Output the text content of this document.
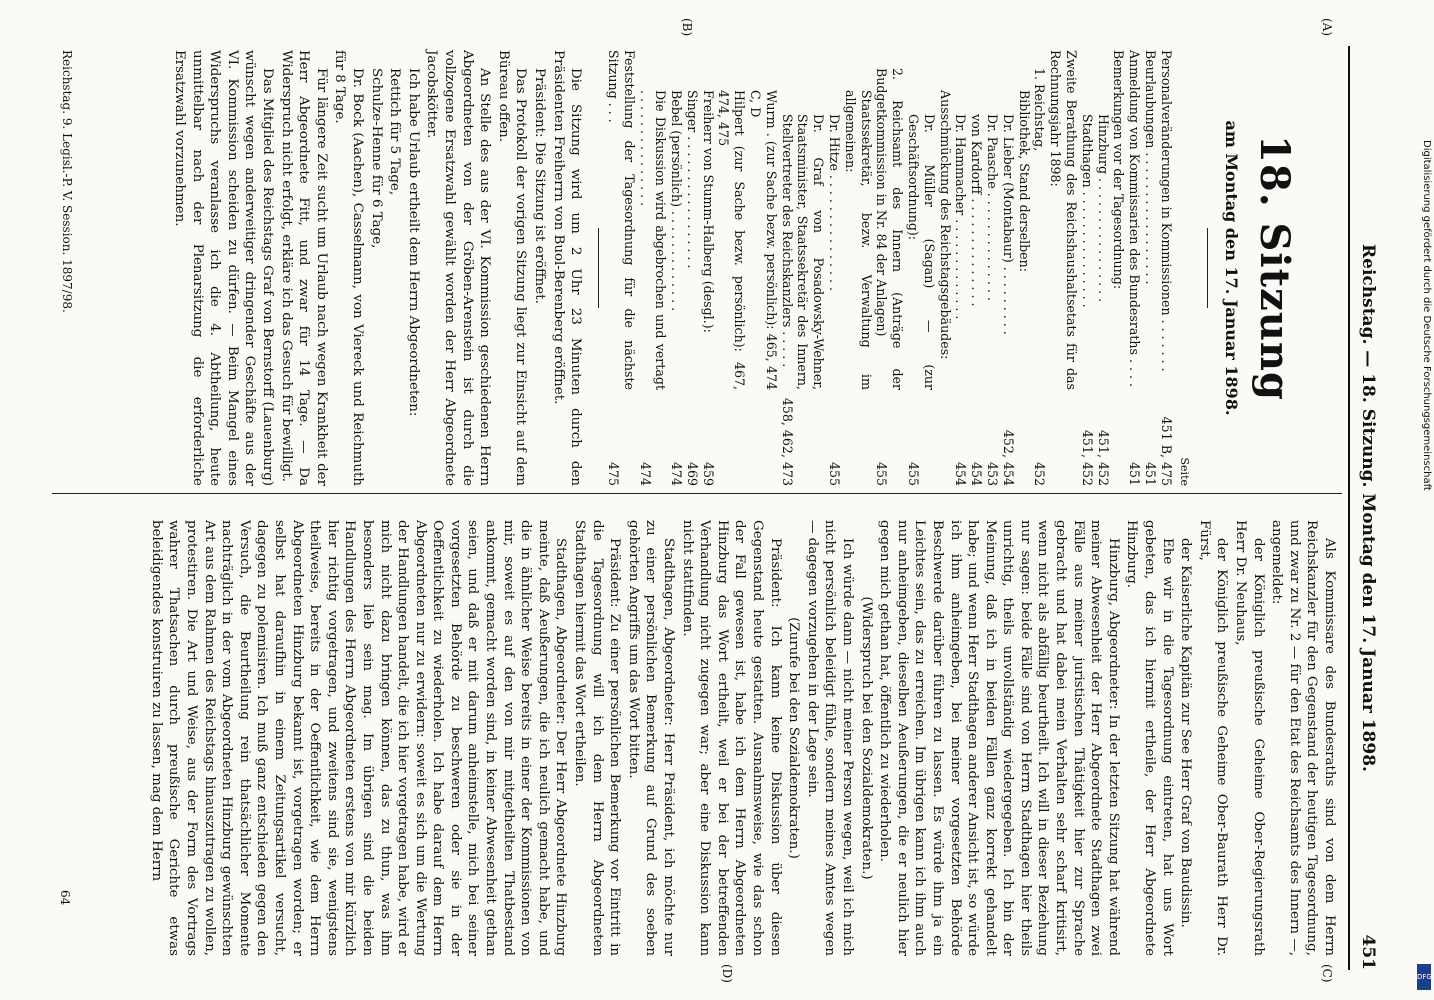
Reichstag. — 18. Sitzung. Montag den 17. Januar 1898.
451
(A)
(B)
(C)
(D)
18. Sitzung
am Montag den 17. Januar 1898.
Seite
Personalveränderungen in Kommissionen . . . . . . .	451 B, 475
Beurlaubungen . . . . . . . . . . . . . . . . .	451
Anmeldung von Kommissarien des Bundesraths . . . .	451
Bemerkungen vor der Tagesordnung:	
Hinzburg . . . . . . . . . . . . . . . .	451, 452
Stadthagen . . . . . . . . . . . . . . .	451, 452
Zweite Berathung des Reichshaushaltsetats für das Rechnungsjahr 1898:	
1. Reichstag,	452
Bibliothek, Stand derselben:	
Dr. Lieber (Montabaur) . . . . . . . . .	452, 454
Dr. Paasche . . . . . . . . . . . . . .	453
von Kardorff . . . . . . . . . . . . . .	454
Dr. Hammacher . . . . . . . . . . . . .	454
Ausschmückung des Reichstagsgebäudes:	
Dr. Müller (Sagan) — (zur Geschäftsordnung):	455
2. Reichsamt des Innern (Anträge der Budgetkommission in Nr. 84 der Anlagen)	455
Staatssekretär, bezw. Verwaltung im allgemeinen:	
Dr. Hitze . . . . . . . . . . . . . . .	455
Dr. Graf von Posadowsky-Wehner, Staatsminister, Staatssekretär des Innern, Stellvertreter des Reichskanzlers . . . . .	458, 462, 473
Wurm . (zur Sache bezw. persönlich): 465, 474 C, D	
Hilpert (zur Sache bezw. persönlich): 467, 474, 475	
Freiherr von Stumm-Halberg (desgl.):	459
Singer . . . . . . . . . . . . . . . . .	469
Bebel (persönlich) . . . . . . . . . . . . .	474
Die Diskussion wird abgebrochen und vertagt . . . . . . . . . . . . . . .	474
Feststellung der Tagesordnung für die nächste Sitzung . . .	475

Die Sitzung wird um 2 Uhr 23 Minuten durch den Präsidenten Freiherrn von Buol-Berenberg eröffnet.

Präsident: Die Sitzung ist eröffnet.

Das Protokoll der vorigen Sitzung liegt zur Einsicht auf dem Büreau offen.

An Stelle des aus der VI. Kommission geschiedenen Herrn Abgeordneten von der Gröben-Arenstein ist durch die vollzogene Ersatzwahl gewählt worden der Herr Abgeordnete Jacobskötter.

Ich habe Urlaub ertheilt dem Herrn Abgeordneten:

Rettich für 5 Tage,

Schulze-Henne für 6 Tage,

Dr. Bock (Aachen), Casselmann, von Viereck und Reichmuth für 8 Tage.

Für längere Zeit sucht um Urlaub nach wegen Krankheit der Herr Abgeordnete Fitt, und zwar für 14 Tage. — Da Widerspruch nicht erfolgt, erkläre ich das Gesuch für bewilligt.

Das Mitglied des Reichstags Graf von Bernstorff (Lauenburg) wünscht wegen anderweitiger dringender Geschäfte aus der VI. Kommission scheiden zu dürfen. — Beim Mangel eines Widerspruchs veranlasse ich die 4. Abtheilung, heute unmittelbar nach der Plenarsitzung die erforderliche Ersatzwahl vorzunehmen.

Als Kommissare des Bundesraths sind von dem Herrn Reichskanzler für den Gegenstand der heutigen Tagesordnung, und zwar zu Nr. 2 — für den Etat des Reichsamts des Innern —, angemeldet:

der Königlich preußische Geheime Ober-Regierungsrath Herr Dr. Neuhaus,

der Königlich preußische Geheime Ober-Baurath Herr Dr. Fürst,

der Kaiserliche Kapitän zur See Herr Graf von Baudissin.

Ehe wir in die Tagesordnung eintreten, hat uns Wort gebeten, das ich hiermit ertheile, der Herr Abgeordnete Hinzburg.

Hinzburg, Abgeordneter: In der letzten Sitzung hat während meiner Abwesenheit der Herr Abgeordnete Stadthagen zwei Fälle aus meiner juristischen Thätigkeit hier zur Sprache gebracht und hat dabei mein Verhalten sehr scharf kritisirt, wenn nicht als abfällig beurtheilt. Ich will in dieser Beziehung nur sagen: beide Fälle sind von Herrn Stadthagen hier theils unrichtig, theils unvollständig wiedergegeben. Ich bin der Meinung, daß ich in beiden Fällen ganz korrekt gehandelt habe; und wenn Herr Stadthagen anderer Ansicht ist, so würde ich ihm anheimgeben, bei meiner vorgesetzten Behörde Beschwerde darüber führen zu lassen. Es würde ihm ja ein Leichtes sein, das zu erreichen. Im übrigen kann ich ihm auch nur anheimgeben, dieselben Aeußerungen, die er neulich hier gegen mich gethan hat, öffentlich zu wiederholen.

(Widerspruch bei den Sozialdemokraten.)

Ich würde dann — nicht meiner Person wegen, weil ich mich nicht persönlich beleidigt fühle, sondern meines Amtes wegen — dagegen vorzugehen in der Lage sein.

(Zurufe bei den Sozialdemokraten.)

Präsident: Ich kann keine Diskussion über diesen Gegenstand heute gestatten. Ausnahmsweise, wie das schon der Fall gewesen ist, habe ich dem Herrn Abgeordneten Hinzburg das Wort ertheilt, weil er bei der betreffenden Verhandlung nicht zugegen war; aber eine Diskussion kann nicht stattfinden.

Stadthagen, Abgeordneter: Herr Präsident, ich möchte nur zu einer persönlichen Bemerkung auf Grund des soeben gehörten Angriffs um das Wort bitten.

Präsident: Zu einer persönlichen Bemerkung vor Eintritt in die Tagesordnung will ich dem Herrn Abgeordneten Stadthagen hiermit das Wort ertheilen.

Stadthagen, Abgeordneter: Der Herr Abgeordnete Hinzburg meinte, daß Aeußerungen, die ich neulich gemacht habe, und die in ähnlicher Weise bereits in einer der Kommissionen von mir, soweit es auf den von mir mitgetheilten Thatbestand ankommt, gemacht worden sind, in keiner Abwesenheit gethan seien, und daß er mit darum anheimstelle, mich bei seiner vorgesetzten Behörde zu beschweren oder sie in der Oeffentlichkeit zu wiederholen. Ich habe darauf dem Herrn Abgeordneten nur zu erwidern: soweit es sich um die Wertung der Handlungen handelt, die ich hier vorgetragen habe, wird er mich nicht dazu bringen können, das zu thun, was ihm besonders lieb sein mag. Im übrigen sind die beiden Handlungen des Herrn Abgeordneten erstens von mir kürzlich hier richtig vorgetragen, und zweitens sind sie, wenigstens theilweise, bereits in der Oeffentlichkeit, wie dem Herrn Abgeordneten Hinzburg bekannt ist, vorgetragen worden; er selbst hat daraufhin in einem Zeitungsartikel versucht, dagegen zu polemisiren. Ich muß ganz entschieden gegen den Versuch, die Beurtheilung rein thatsächlicher Momente nachträglich in der vom Abgeordneten Hinzburg gewünschten Art aus dem Rahmen des Reichstags hinauszutragen zu wollen, protestiren. Die Art und Weise, aus der Form des Vortrags wahrer Thatsachen durch preußische Gerichte etwas beleidigendes konstruiren zu lassen, mag dem Herrn

Reichstag. 9. Legisl.-P. V. Session. 1897/98.
64
Digitalisierung gefördert durch die Deutsche Forschungsgemeinschaft
DFG
